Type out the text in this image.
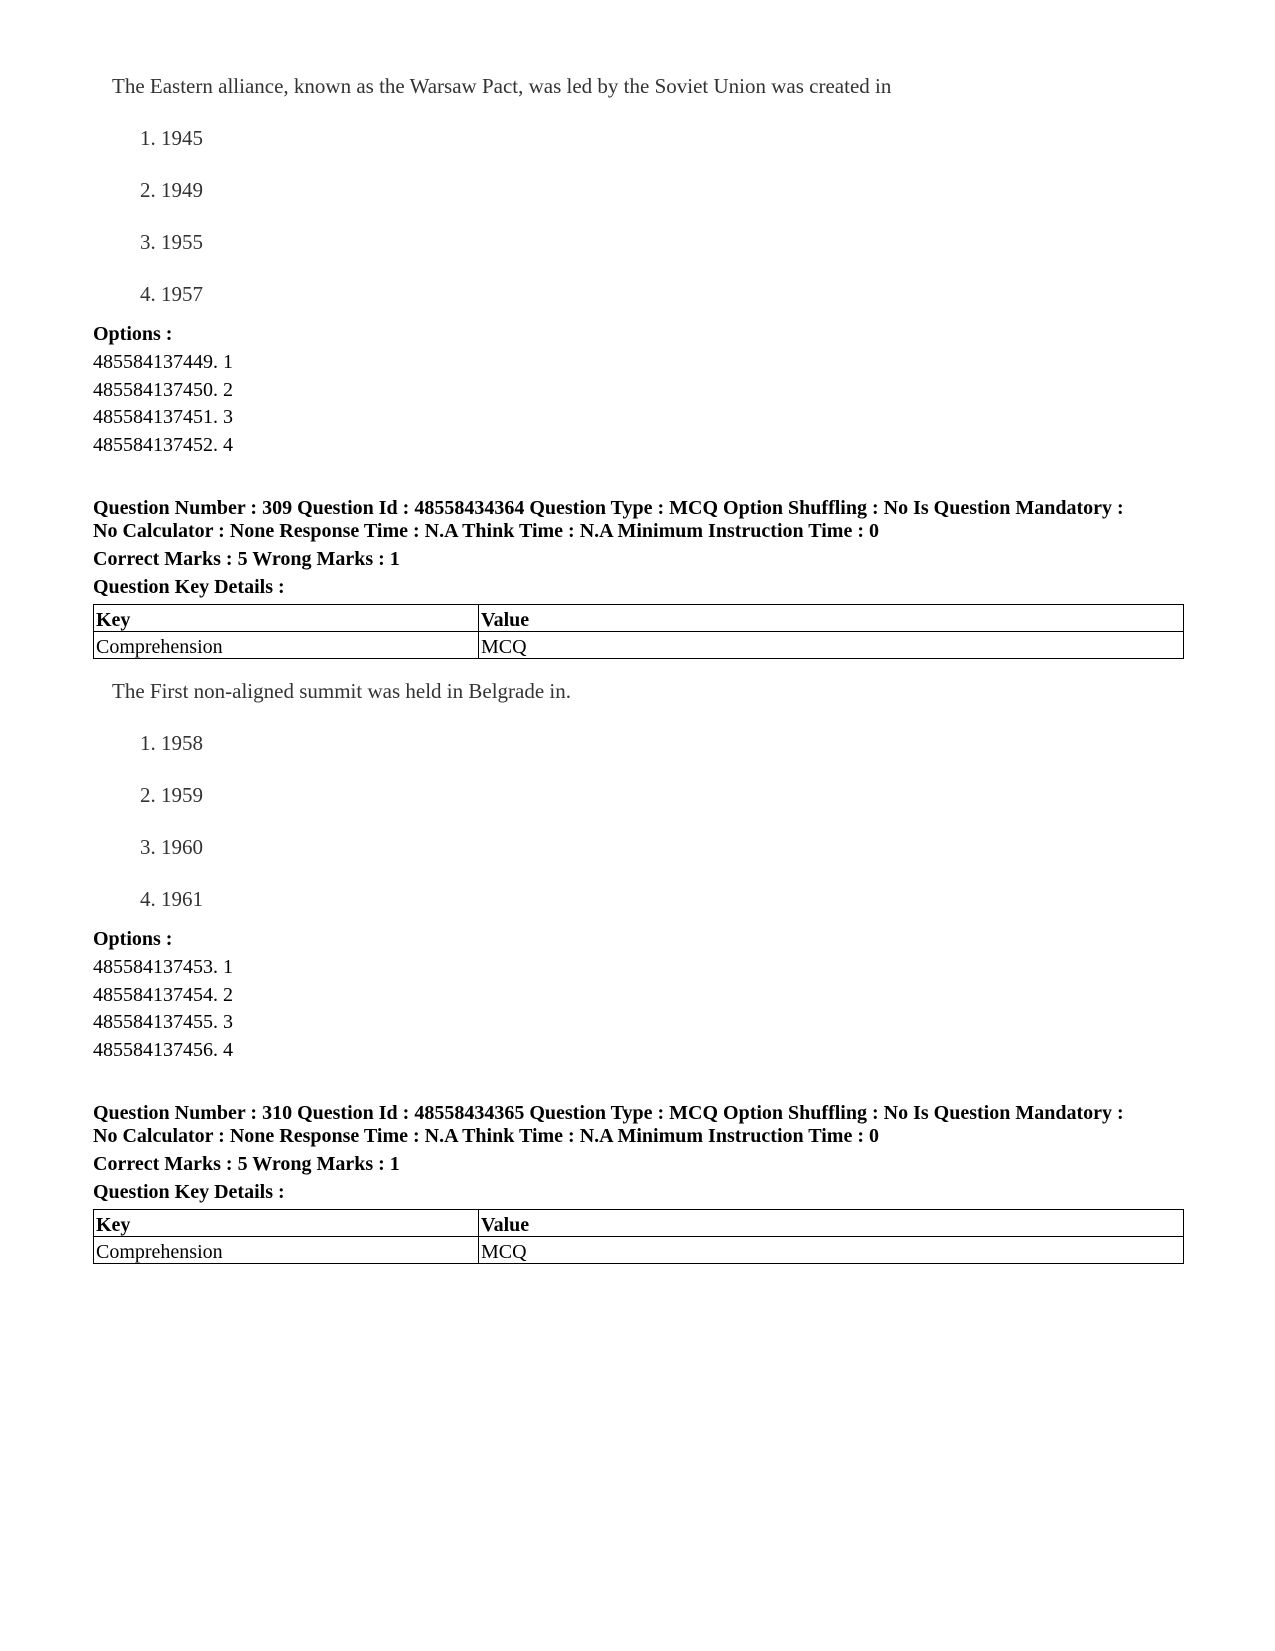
The Eastern alliance, known as the Warsaw Pact, was led by the Soviet Union was created in
1. 1945
2. 1949
3. 1955
4. 1957
Options :
485584137449. 1
485584137450. 2
485584137451. 3
485584137452. 4
Question Number : 309 Question Id : 48558434364 Question Type : MCQ Option Shuffling : No Is Question Mandatory :
No Calculator : None Response Time : N.A Think Time : N.A Minimum Instruction Time : 0
Correct Marks : 5 Wrong Marks : 1
Question Key Details :
Key	Value
Comprehension	MCQ
The First non-aligned summit was held in Belgrade in.
1. 1958
2. 1959
3. 1960
4. 1961
Options :
485584137453. 1
485584137454. 2
485584137455. 3
485584137456. 4
Question Number : 310 Question Id : 48558434365 Question Type : MCQ Option Shuffling : No Is Question Mandatory :
No Calculator : None Response Time : N.A Think Time : N.A Minimum Instruction Time : 0
Correct Marks : 5 Wrong Marks : 1
Question Key Details :
Key	Value
Comprehension	MCQ
